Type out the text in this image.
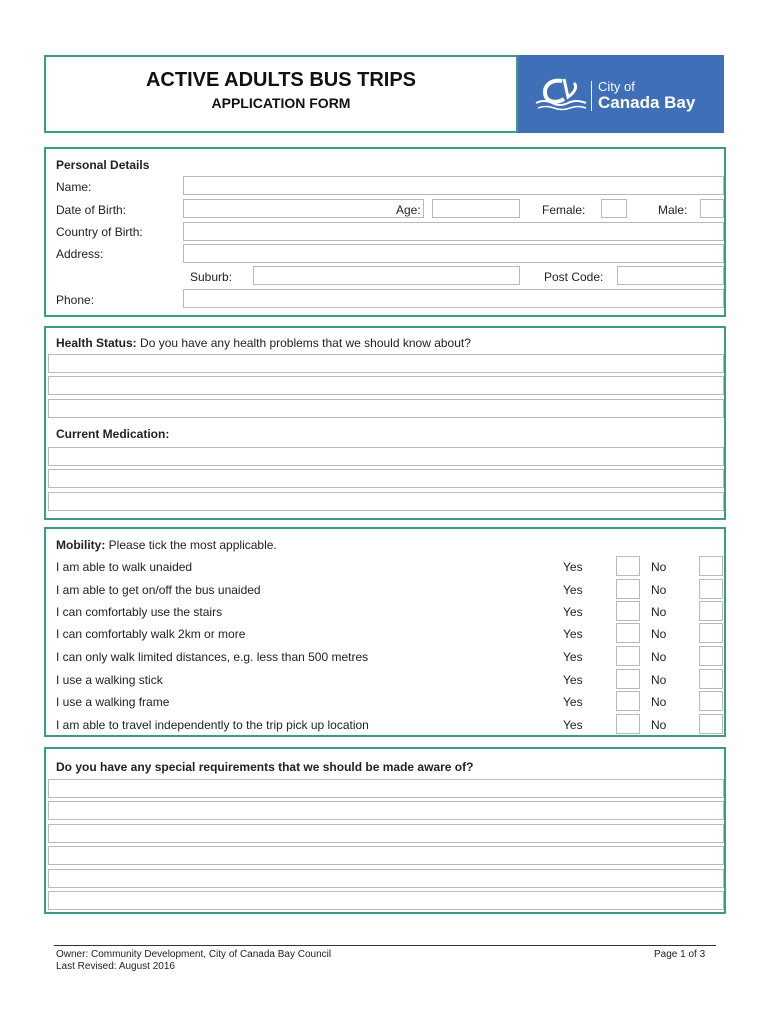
ACTIVE ADULTS BUS TRIPS
APPLICATION FORM
City of
Canada Bay
Personal Details
Name:
Date of Birth:	Age:	Female:	Male:
Country of Birth:
Address:
Suburb:	Post Code:
Phone:
Health Status: Do you have any health problems that we should know about?
Current Medication:
Mobility: Please tick the most applicable.
I am able to walk unaided	Yes	No
I am able to get on/off the bus unaided	Yes	No
I can comfortably use the stairs	Yes	No
I can comfortably walk 2km or more	Yes	No
I can only walk limited distances, e.g. less than 500 metres	Yes	No
I use a walking stick	Yes	No
I use a walking frame	Yes	No
I am able to travel independently to the trip pick up location	Yes	No
Do you have any special requirements that we should be made aware of?
Owner: Community Development, City of Canada Bay Council
Last Revised: August 2016
Page 1 of 3
